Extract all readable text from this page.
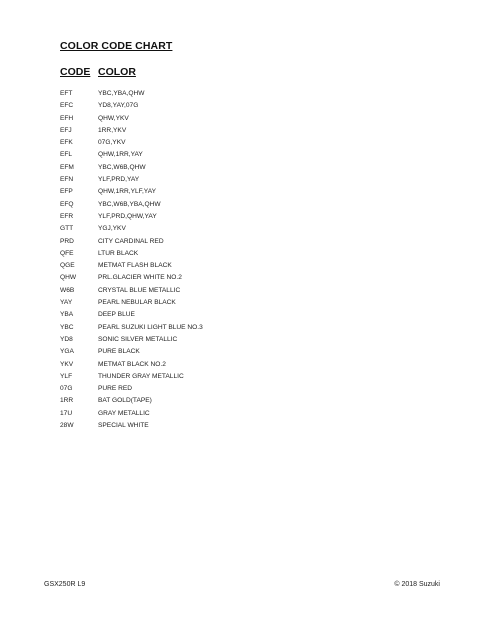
COLOR CODE CHART
CODE COLOR
EFT	YBC,YBA,QHW
EFC	YD8,YAY,07G
EFH	QHW,YKV
EFJ	1RR,YKV
EFK	07G,YKV
EFL	QHW,1RR,YAY
EFM	YBC,W6B,QHW
EFN	YLF,PRD,YAY
EFP	QHW,1RR,YLF,YAY
EFQ	YBC,W6B,YBA,QHW
EFR	YLF,PRD,QHW,YAY
GTT	YGJ,YKV
PRD	CITY CARDINAL RED
QFE	LTUR BLACK
QGE	METMAT FLASH BLACK
QHW	PRL.GLACIER WHITE NO.2
W6B	CRYSTAL BLUE METALLIC
YAY	PEARL NEBULAR BLACK
YBA	DEEP BLUE
YBC	PEARL SUZUKI LIGHT BLUE NO.3
YD8	SONIC SILVER METALLIC
YGA	PURE BLACK
YKV	METMAT BLACK NO.2
YLF	THUNDER GRAY METALLIC
07G	PURE RED
1RR	BAT GOLD(TAPE)
17U	GRAY METALLIC
28W	SPECIAL WHITE
GSX250R L9	© 2018 Suzuki
